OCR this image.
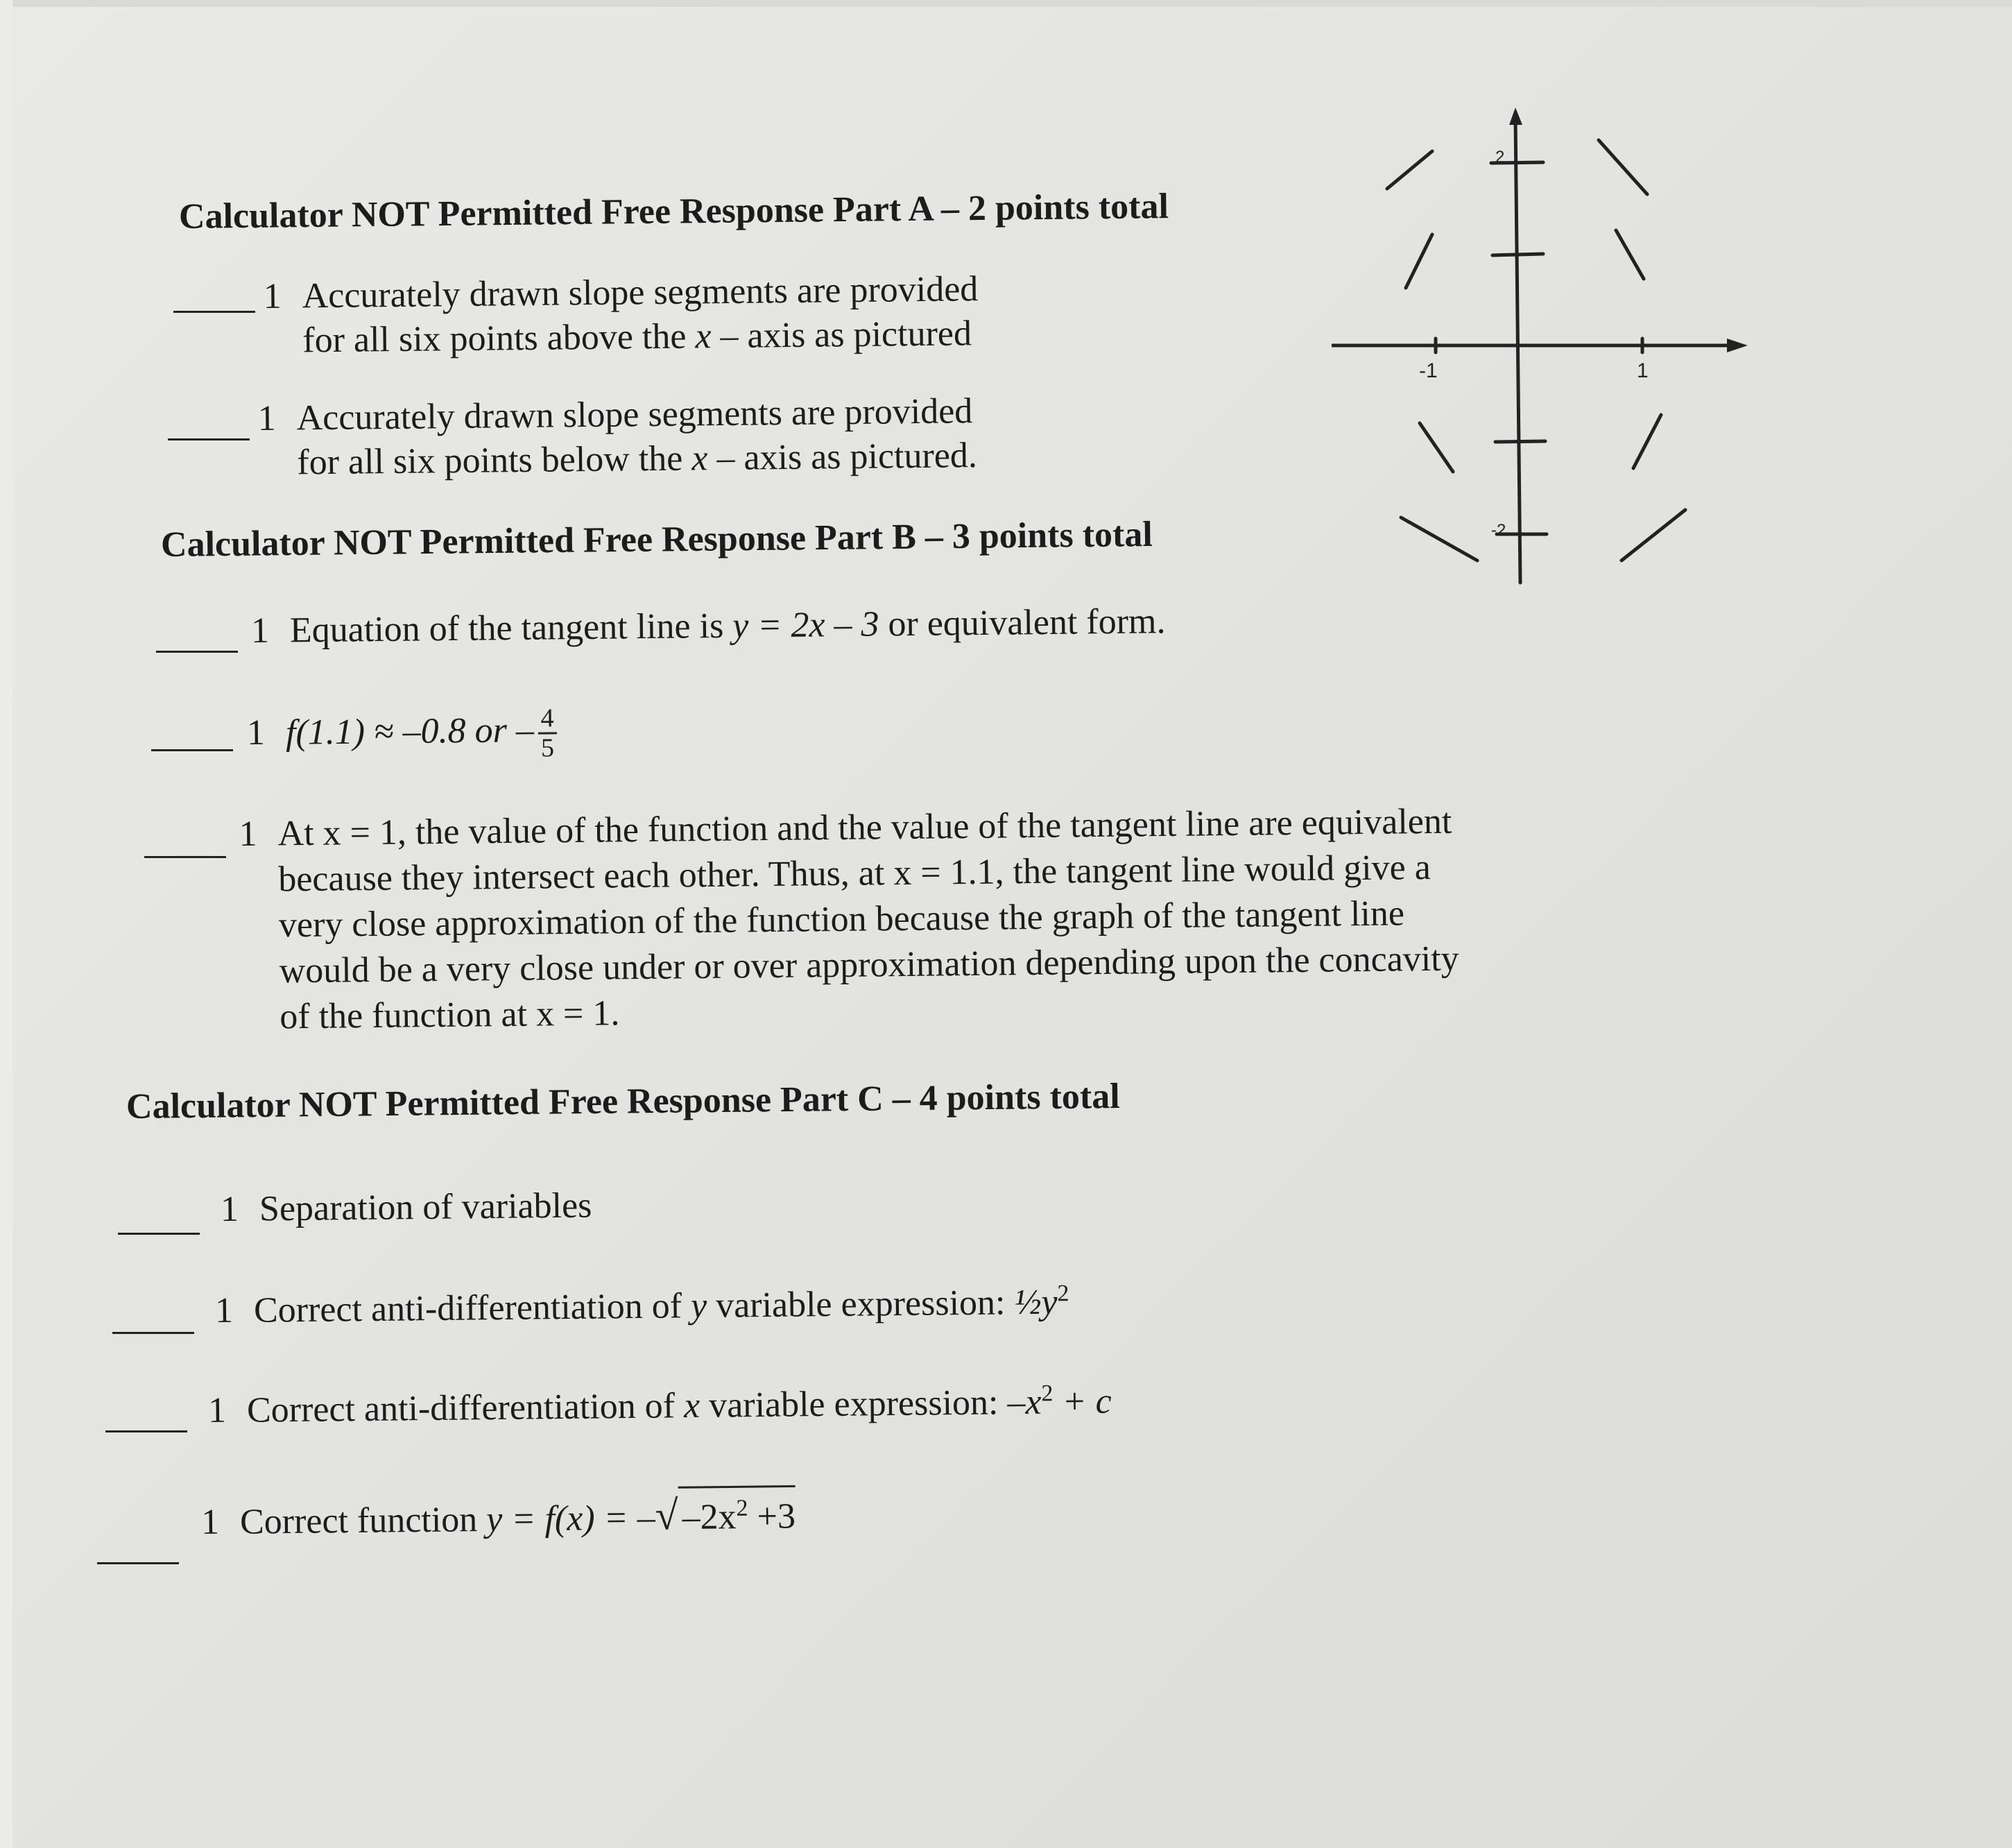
Calculator NOT Permitted Free Response Part A – 2 points total
1 Accurately drawn slope segments are provided
for all six points above the x – axis as pictured
1 Accurately drawn slope segments are provided
for all six points below the x – axis as pictured.
Calculator NOT Permitted Free Response Part B – 3 points total
1 Equation of the tangent line is y = 2x – 3 or equivalent form.
1 f(1.1) ≈ –0.8 or – $\frac{4}{5}$
1 At x = 1, the value of the function and the value of the tangent line are equivalent
because they intersect each other. Thus, at x = 1.1, the tangent line would give a
very close approximation of the function because the graph of the tangent line
would be a very close under or over approximation depending upon the concavity
of the function at x = 1.
Calculator NOT Permitted Free Response Part C – 4 points total
1 Separation of variables
1 Correct anti-differentiation of y variable expression: $\frac{1}{2}y^2$
1 Correct anti-differentiation of x variable expression: $-x^2 + c$
1 Correct function y = f(x) = –√ $-2x^2 +3$
-1	1
2
-2
